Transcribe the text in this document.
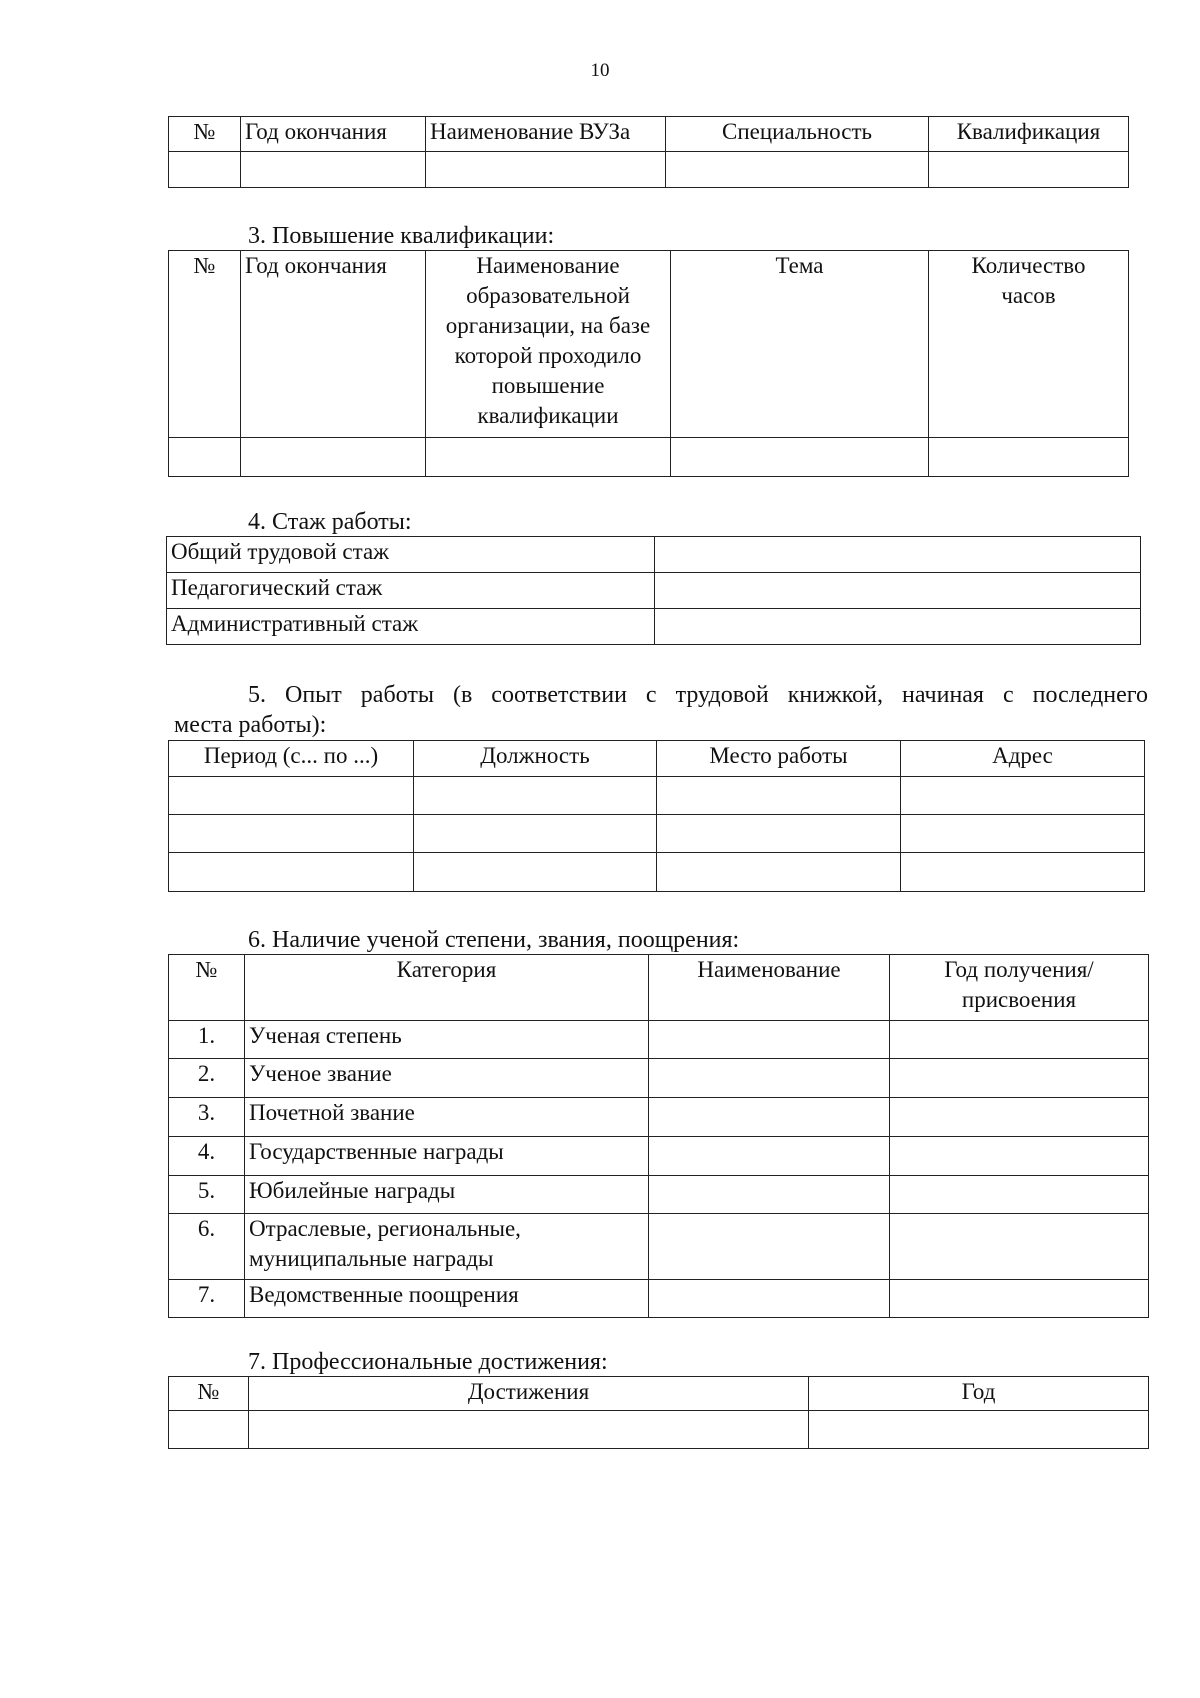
10
№	Год окончания	Наименование ВУЗа	Специальность	Квалификация

3. Повышение квалификации:
№	Год окончания	Наименование образовательной организации, на базе которой проходило повышение квалификации	Тема	Количество часов

4. Стаж работы:
Общий трудовой стаж	
Педагогический стаж	
Административный стаж	
5. Опыт работы (в соответствии с трудовой книжкой, начиная с последнего
места работы):
Период (с... по ...)	Должность	Место работы	Адрес

6. Наличие ученой степени, звания, поощрения:
№	Категория	Наименование	Год получения/ присвоения
1.	Ученая степень		
2.	Ученое звание		
3.	Почетной звание		
4.	Государственные награды		
5.	Юбилейные награды		
6.	Отраслевые, региональные, муниципальные награды		
7.	Ведомственные поощрения		
7. Профессиональные достижения:
№	Достижения	Год
